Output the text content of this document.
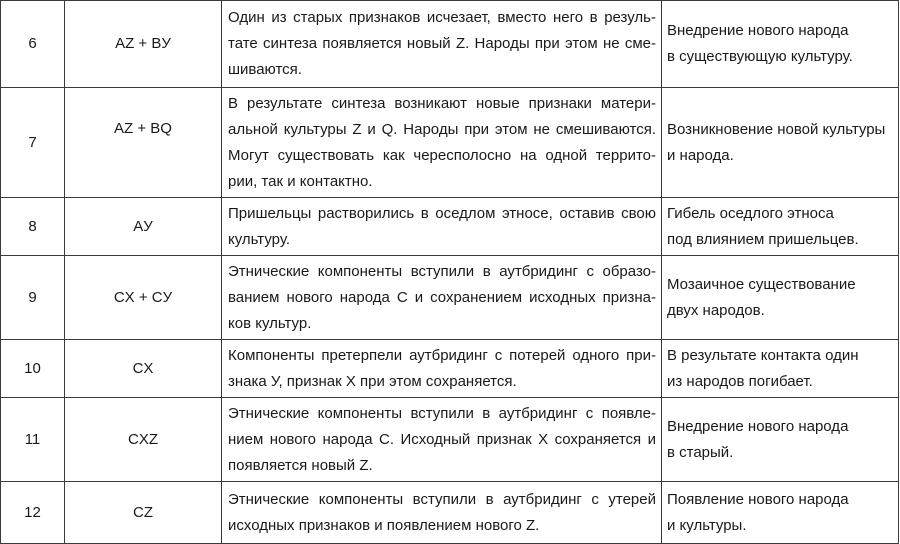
6	AZ + BУ	Один из старых признаков исчезает, вместо него в резуль-
тате синтеза появляется новый Z. Народы при этом не сме-
шиваются.	Внедрение нового народа
в существующую культуру.

7	AZ + BQ	В результате синтеза возникают новые признаки матери-
альной культуры Z и Q. Народы при этом не смешиваются.
Могут существовать как чересполосно на одной террито-
рии, так и контактно.	Возникновение новой культуры
и народа.

8	AУ	Пришельцы растворились в оседлом этносе, оставив свою
культуру.	Гибель оседлого этноса
под влиянием пришельцев.

9	CX + CУ	Этнические компоненты вступили в аутбридинг с образо-
ванием нового народа C и сохранением исходных призна-
ков культур.	Мозаичное существование
двух народов.

10	CX	Компоненты претерпели аутбридинг с потерей одного при-
знака У, признак X при этом сохраняется.	В результате контакта один
из народов погибает.

11	CXZ	Этнические компоненты вступили в аутбридинг с появле-
нием нового народа C. Исходный признак X сохраняется и
появляется новый Z.	Внедрение нового народа
в старый.

12	CZ	Этнические компоненты вступили в аутбридинг с утерей
исходных признаков и появлением нового Z.	Появление нового народа
и культуры.
